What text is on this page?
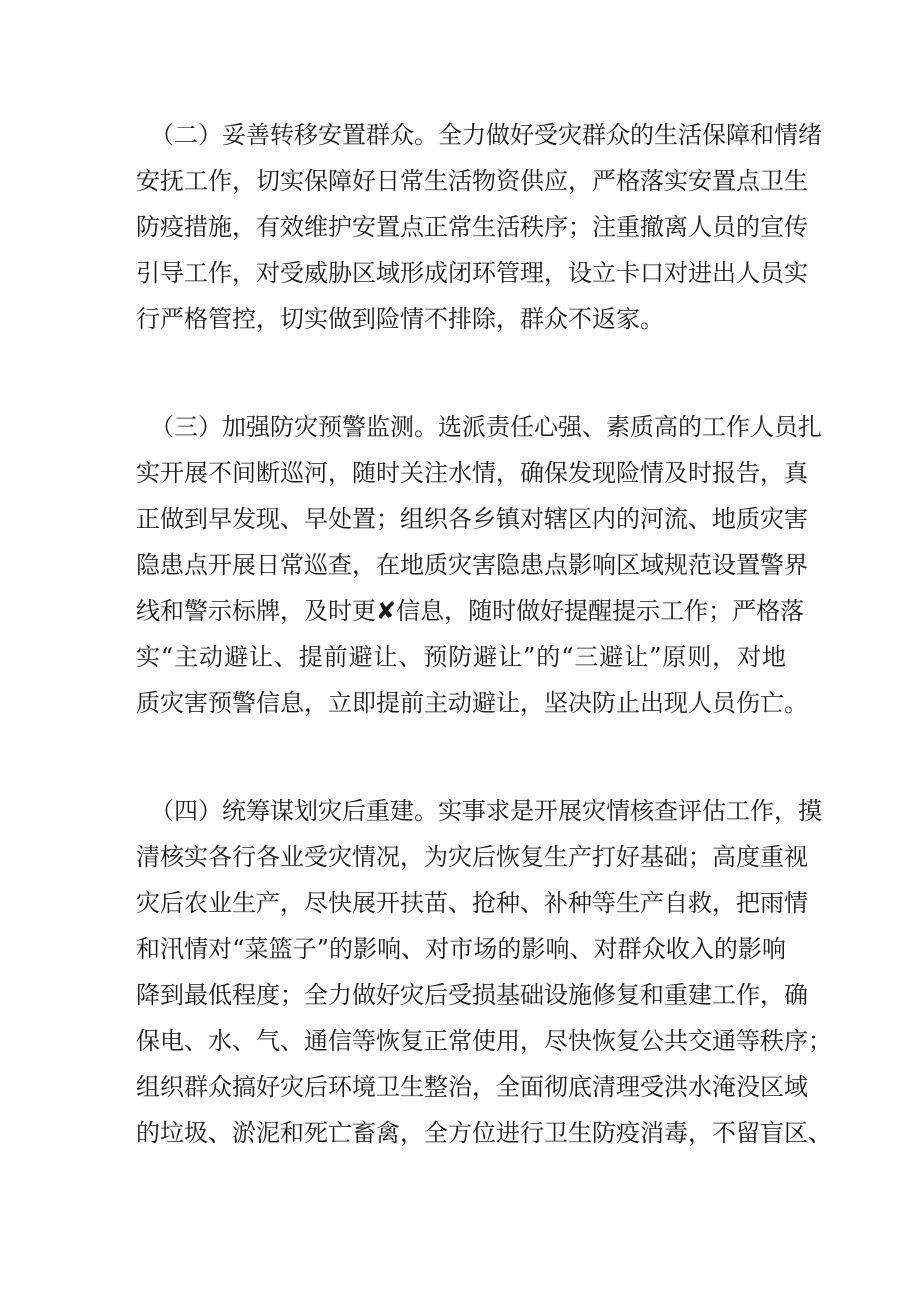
（二）妥善转移安置群众。全力做好受灾群众的生活保障和情绪
安抚工作，切实保障好日常生活物资供应，严格落实安置点卫生
防疫措施，有效维护安置点正常生活秩序；注重撤离人员的宣传
引导工作，对受威胁区域形成闭环管理，设立卡口对进出人员实
行严格管控，切实做到险情不排除，群众不返家。
（三）加强防灾预警监测。选派责任心强、素质高的工作人员扎
实开展不间断巡河，随时关注水情，确保发现险情及时报告，真
正做到早发现、早处置；组织各乡镇对辖区内的河流、地质灾害
隐患点开展日常巡查，在地质灾害隐患点影响区域规范设置警界
线和警示标牌，及时更✘信息，随时做好提醒提示工作；严格落
实“主动避让、提前避让、预防避让”的“三避让”原则，对地
质灾害预警信息，立即提前主动避让，坚决防止出现人员伤亡。
（四）统筹谋划灾后重建。实事求是开展灾情核查评估工作，摸
清核实各行各业受灾情况，为灾后恢复生产打好基础；高度重视
灾后农业生产，尽快展开扶苗、抢种、补种等生产自救，把雨情
和汛情对“菜篮子”的影响、对市场的影响、对群众收入的影响
降到最低程度；全力做好灾后受损基础设施修复和重建工作，确
保电、水、气、通信等恢复正常使用，尽快恢复公共交通等秩序；
组织群众搞好灾后环境卫生整治，全面彻底清理受洪水淹没区域
的垃圾、淤泥和死亡畜禽，全方位进行卫生防疫消毒，不留盲区、
